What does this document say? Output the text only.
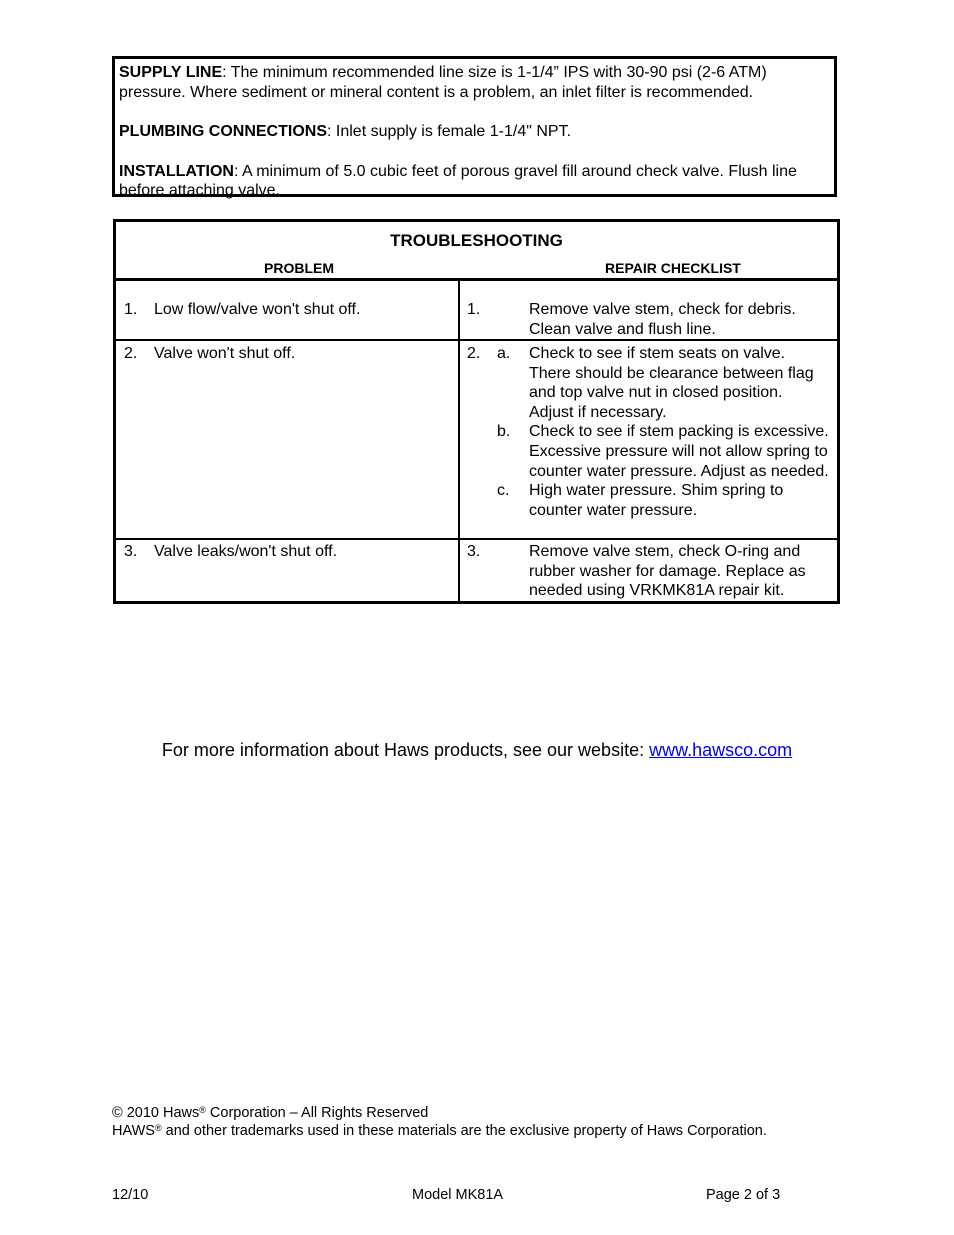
SUPPLY LINE: The minimum recommended line size is 1-1/4” IPS with 30-90 psi (2-6 ATM) pressure. Where sediment or mineral content is a problem, an inlet filter is recommended.

PLUMBING CONNECTIONS: Inlet supply is female 1-1/4" NPT.

INSTALLATION: A minimum of 5.0 cubic feet of porous gravel fill around check valve. Flush line before attaching valve.

TROUBLESHOOTING
PROBLEM	REPAIR CHECKLIST
1. Low flow/valve won't shut off.	1.	Remove valve stem, check for debris. Clean valve and flush line.
2. Valve won't shut off.	2. a. Check to see if stem seats on valve. There should be clearance between flag and top valve nut in closed position. Adjust if necessary.
b. Check to see if stem packing is excessive. Excessive pressure will not allow spring to counter water pressure. Adjust as needed.
c. High water pressure. Shim spring to counter water pressure.
3. Valve leaks/won't shut off.	3.	Remove valve stem, check O-ring and rubber washer for damage. Replace as needed using VRKMK81A repair kit.
For more information about Haws products, see our website: www.hawsco.com
© 2010 Haws® Corporation – All Rights Reserved
HAWS® and other trademarks used in these materials are the exclusive property of Haws Corporation.
12/10	Model MK81A	Page 2 of 3
